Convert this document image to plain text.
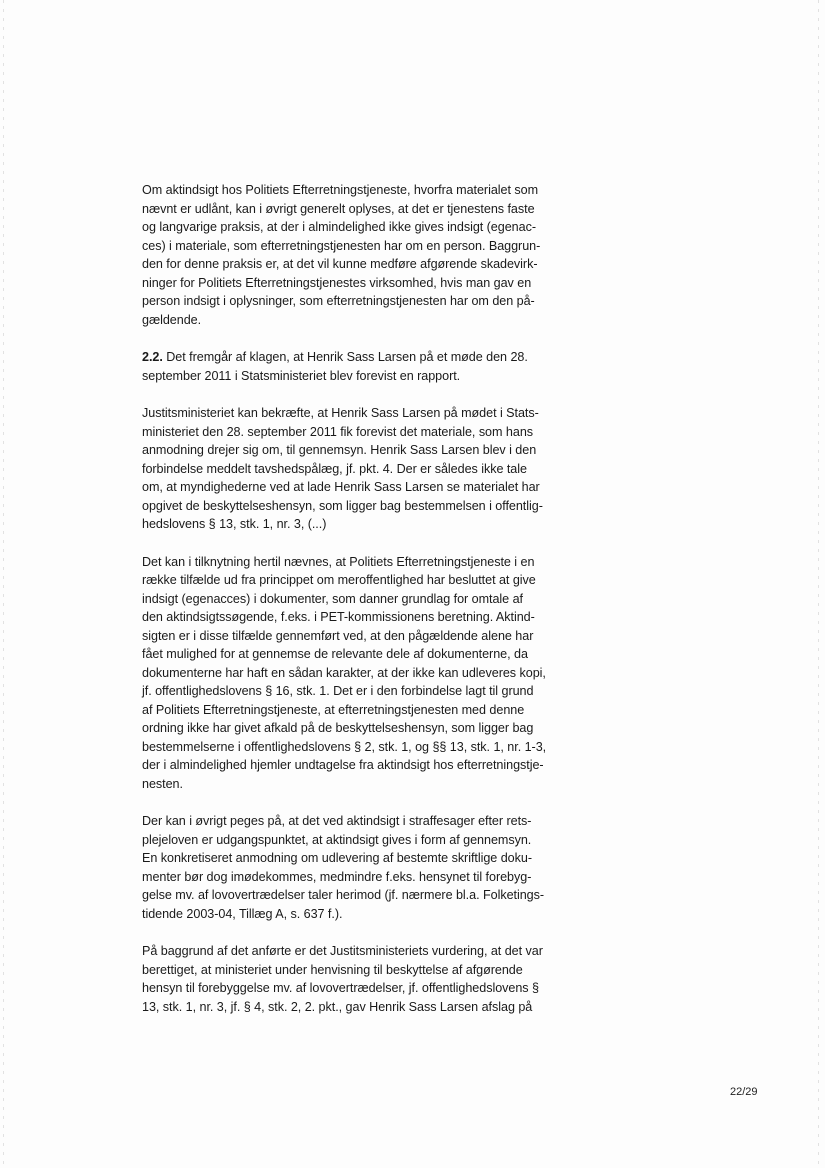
Om aktindsigt hos Politiets Efterretningstjeneste, hvorfra materialet som
nævnt er udlånt, kan i øvrigt generelt oplyses, at det er tjenestens faste
og langvarige praksis, at der i almindelighed ikke gives indsigt (egenac-
ces) i materiale, som efterretningstjenesten har om en person. Baggrun-
den for denne praksis er, at det vil kunne medføre afgørende skadevirk-
ninger for Politiets Efterretningstjenestes virksomhed, hvis man gav en
person indsigt i oplysninger, som efterretningstjenesten har om den på-
gældende.

2.2. Det fremgår af klagen, at Henrik Sass Larsen på et møde den 28.
september 2011 i Statsministeriet blev forevist en rapport.

Justitsministeriet kan bekræfte, at Henrik Sass Larsen på mødet i Stats-
ministeriet den 28. september 2011 fik forevist det materiale, som hans
anmodning drejer sig om, til gennemsyn. Henrik Sass Larsen blev i den
forbindelse meddelt tavshedspålæg, jf. pkt. 4. Der er således ikke tale
om, at myndighederne ved at lade Henrik Sass Larsen se materialet har
opgivet de beskyttelseshensyn, som ligger bag bestemmelsen i offentlig-
hedslovens § 13, stk. 1, nr. 3, (...)

Det kan i tilknytning hertil nævnes, at Politiets Efterretningstjeneste i en
række tilfælde ud fra princippet om meroffentlighed har besluttet at give
indsigt (egenacces) i dokumenter, som danner grundlag for omtale af
den aktindsigtssøgende, f.eks. i PET-kommissionens beretning. Aktind-
sigten er i disse tilfælde gennemført ved, at den pågældende alene har
fået mulighed for at gennemse de relevante dele af dokumenterne, da
dokumenterne har haft en sådan karakter, at der ikke kan udleveres kopi,
jf. offentlighedslovens § 16, stk. 1. Det er i den forbindelse lagt til grund
af Politiets Efterretningstjeneste, at efterretningstjenesten med denne
ordning ikke har givet afkald på de beskyttelseshensyn, som ligger bag
bestemmelserne i offentlighedslovens § 2, stk. 1, og §§ 13, stk. 1, nr. 1-3,
der i almindelighed hjemler undtagelse fra aktindsigt hos efterretningstje-
nesten.

Der kan i øvrigt peges på, at det ved aktindsigt i straffesager efter rets-
plejeloven er udgangspunktet, at aktindsigt gives i form af gennemsyn.
En konkretiseret anmodning om udlevering af bestemte skriftlige doku-
menter bør dog imødekommes, medmindre f.eks. hensynet til forebyg-
gelse mv. af lovovertrædelser taler herimod (jf. nærmere bl.a. Folketings-
tidende 2003-04, Tillæg A, s. 637 f.).

På baggrund af det anførte er det Justitsministeriets vurdering, at det var
berettiget, at ministeriet under henvisning til beskyttelse af afgørende
hensyn til forebyggelse mv. af lovovertrædelser, jf. offentlighedslovens §
13, stk. 1, nr. 3, jf. § 4, stk. 2, 2. pkt., gav Henrik Sass Larsen afslag på

22/29
